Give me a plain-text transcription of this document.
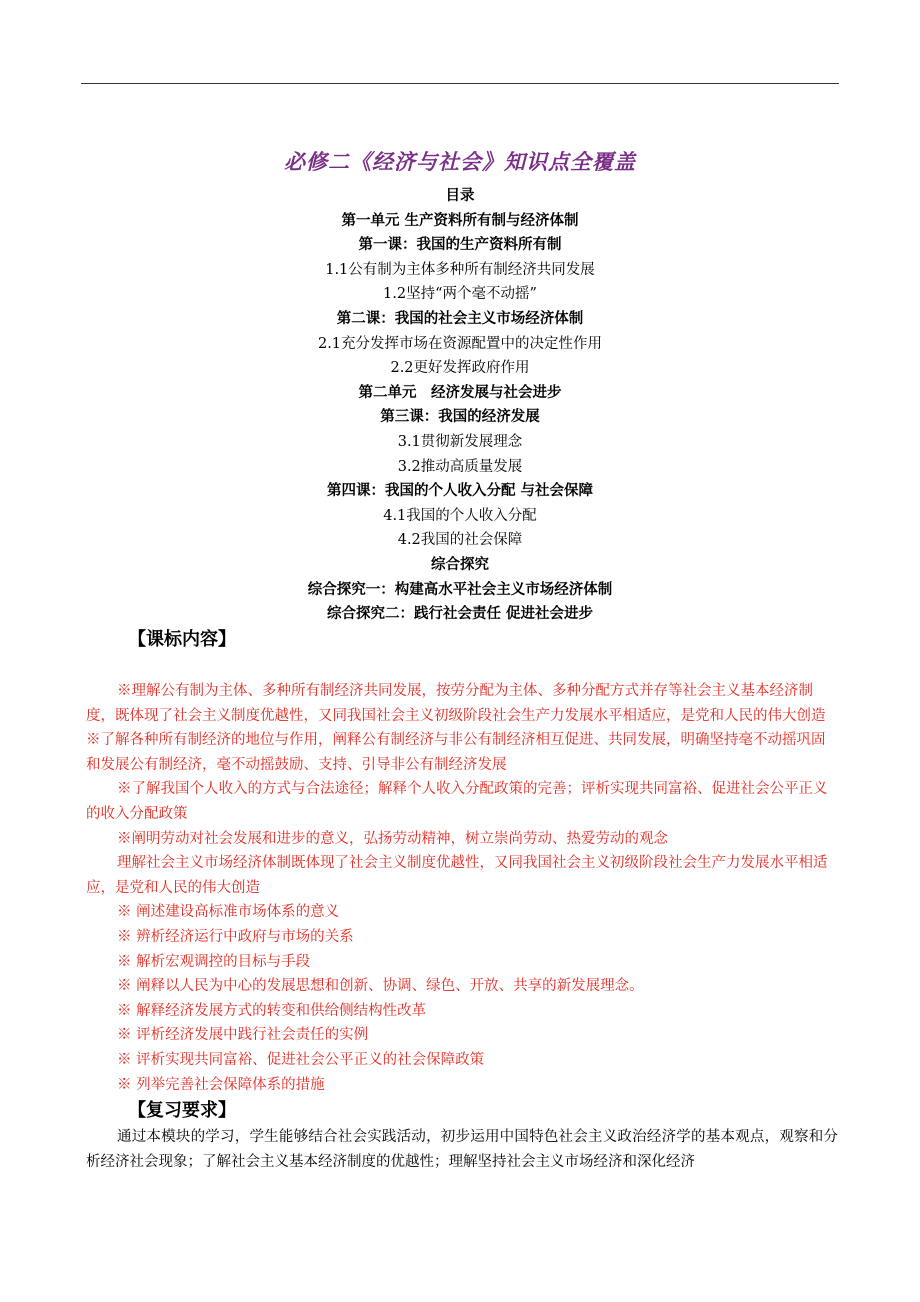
必修二《经济与社会》知识点全覆盖
目录
第一单元 生产资料所有制与经济体制
第一课：我国的生产资料所有制
1.1公有制为主体多种所有制经济共同发展
1.2坚持“两个毫不动摇”
第二课：我国的社会主义市场经济体制
2.1充分发挥市场在资源配置中的决定性作用
2.2更好发挥政府作用
第二单元　经济发展与社会进步
第三课：我国的经济发展
3.1贯彻新发展理念
3.2推动高质量发展
第四课：我国的个人收入分配 与社会保障
4.1我国的个人收入分配
4.2我国的社会保障
综合探究
综合探究一：构建高水平社会主义市场经济体制
综合探究二：践行社会责任 促进社会进步
【课标内容】

※理解公有制为主体、多种所有制经济共同发展，按劳分配为主体、多种分配方式并存等社会主义基本经济制度，既体现了社会主义制度优越性，又同我国社会主义初级阶段社会生产力发展水平相适应，是党和人民的伟大创造

※了解各种所有制经济的地位与作用，阐释公有制经济与非公有制经济相互促进、共同发展，明确坚持毫不动摇巩固和发展公有制经济，毫不动摇鼓励、支持、引导非公有制经济发展

※了解我国个人收入的方式与合法途径；解释个人收入分配政策的完善；评析实现共同富裕、促进社会公平正义的收入分配政策

※阐明劳动对社会发展和进步的意义，弘扬劳动精神，树立崇尚劳动、热爱劳动的观念

理解社会主义市场经济体制既体现了社会主义制度优越性，又同我国社会主义初级阶段社会生产力发展水平相适应，是党和人民的伟大创造

※ 阐述建设高标准市场体系的意义

※ 辨析经济运行中政府与市场的关系

※ 解析宏观调控的目标与手段

※ 阐释以人民为中心的发展思想和创新、协调、绿色、开放、共享的新发展理念。

※ 解释经济发展方式的转变和供给侧结构性改革

※ 评析经济发展中践行社会责任的实例

※ 评析实现共同富裕、促进社会公平正义的社会保障政策

※ 列举完善社会保障体系的措施

【复习要求】

通过本模块的学习，学生能够结合社会实践活动，初步运用中国特色社会主义政治经济学的基本观点，观察和分析经济社会现象；了解社会主义基本经济制度的优越性；理解坚持社会主义市场经济和深化经济
